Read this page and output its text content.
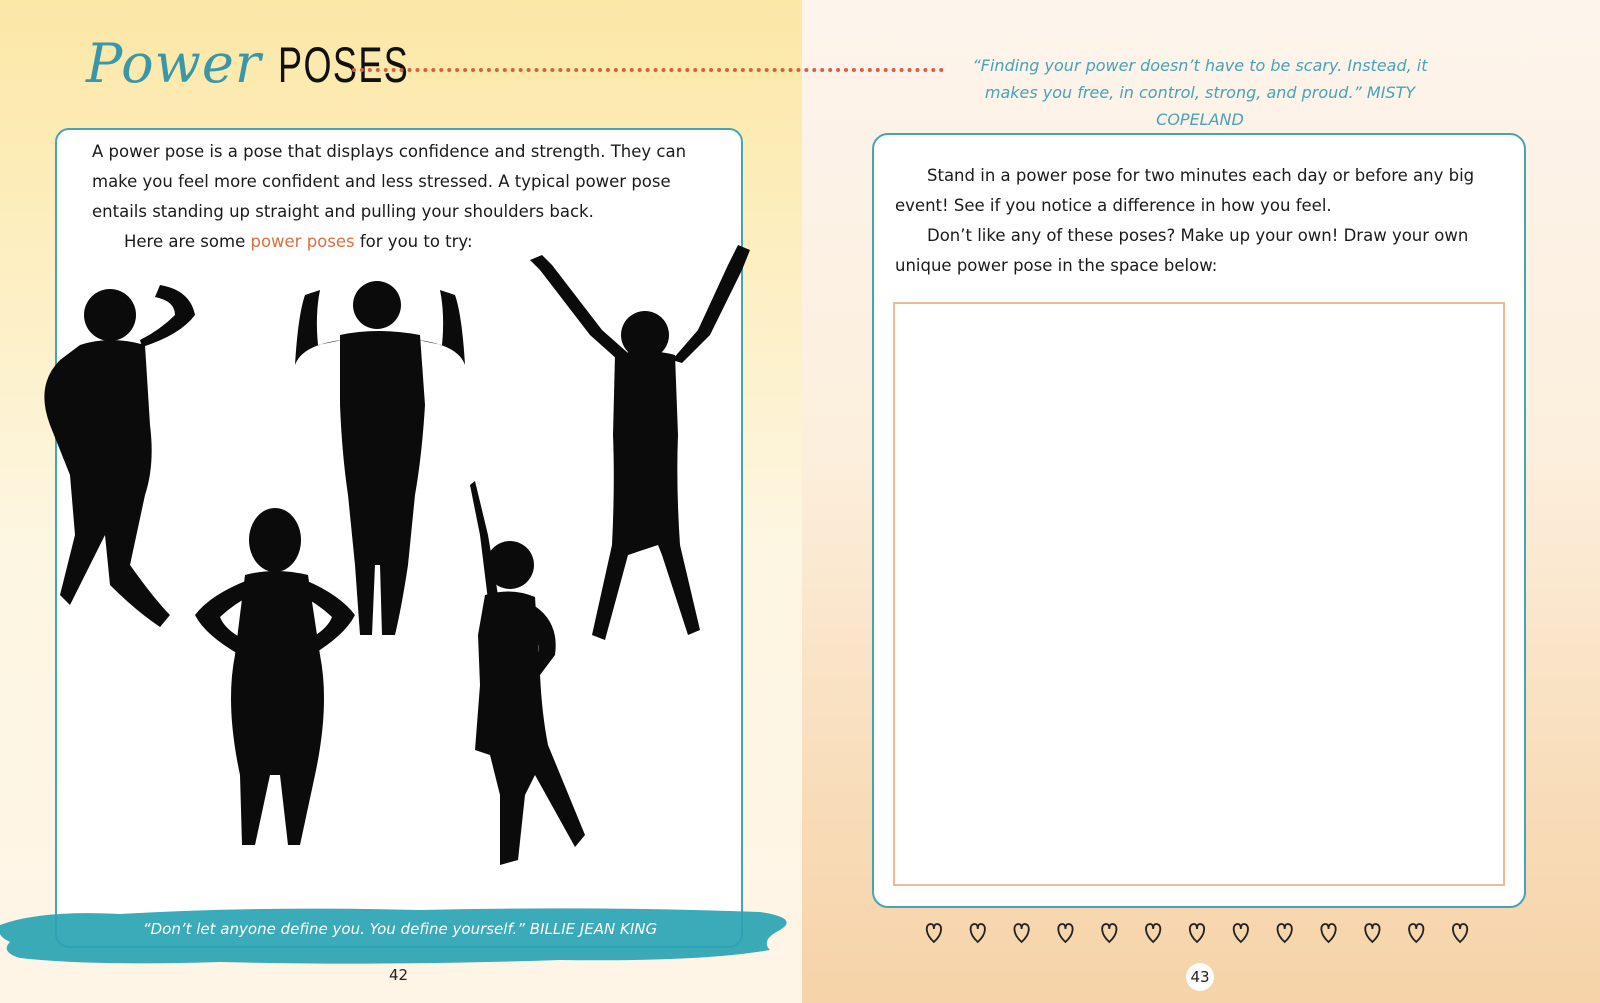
Power POSES
A power pose is a pose that displays confidence and strength. They can make you feel more confident and less stressed. A typical power pose entails standing up straight and pulling your shoulders back.
Here are some power poses for you to try:
“Don’t let anyone define you. You define yourself.” BILLIE JEAN KING
42
“Finding your power doesn’t have to be scary. Instead, it makes you free, in control, strong, and proud.” MISTY COPELAND
Stand in a power pose for two minutes each day or before any big event! See if you notice a difference in how you feel.
Don’t like any of these poses? Make up your own! Draw your own unique power pose in the space below:
43
